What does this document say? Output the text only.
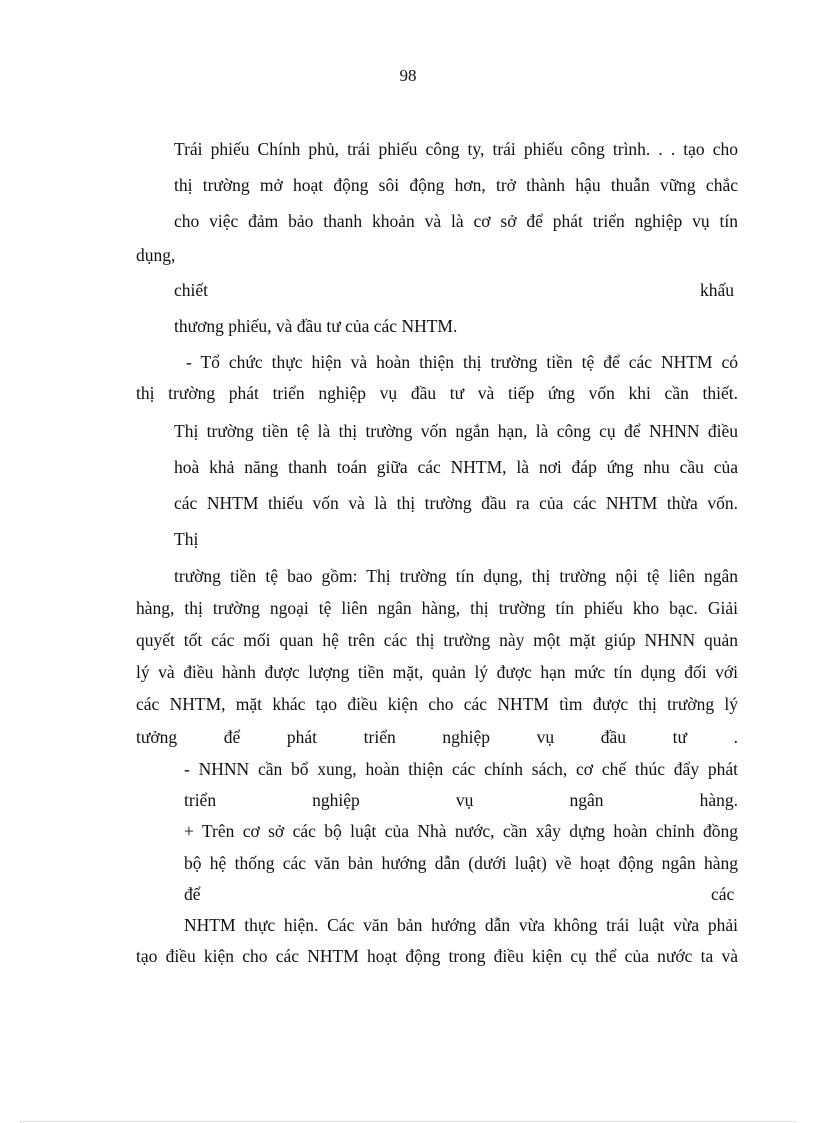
98
Trái phiếu Chính phủ, trái phiếu công ty, trái phiếu công trình. . . tạo cho
thị trường mở hoạt động sôi động hơn, trở thành hậu thuẫn vững chắc
cho việc đảm bảo thanh khoản và là cơ sở để phát triển nghiệp vụ tín
dụng,
chiết	khấu
thương phiếu, và đầu tư của các NHTM.
- Tổ chức thực hiện và hoàn thiện thị trường tiền tệ để các NHTM có
thị trường phát triển nghiệp vụ đầu tư và tiếp ứng vốn khi cần thiết.
Thị trường tiền tệ là thị trường vốn ngắn hạn, là công cụ để NHNN điều
hoà khả năng thanh toán giữa các NHTM, là nơi đáp ứng nhu cầu của
các NHTM thiếu vốn và là thị trường đầu ra của các NHTM thừa vốn.
Thị
trường tiền tệ bao gồm: Thị trường tín dụng, thị trường nội tệ liên ngân
hàng, thị trường ngoại tệ liên ngân hàng, thị trường tín phiếu kho bạc. Giải
quyết tốt các mối quan hệ trên các thị trường này một mặt giúp NHNN quản
lý và điều hành được lượng tiền mặt, quản lý được hạn mức tín dụng đối với
các NHTM, mặt khác tạo điều kiện cho các NHTM tìm được thị trường lý
tưởng để phát triển nghiệp vụ đầu tư .
- NHNN cần bổ xung, hoàn thiện các chính sách, cơ chế thúc đẩy phát
triển nghiệp vụ ngân hàng.
+ Trên cơ sở các bộ luật của Nhà nước, cần xây dựng hoàn chỉnh đồng
bộ hệ thống các văn bản hướng dẫn (dưới luật) về hoạt động ngân hàng
để	các
NHTM thực hiện. Các văn bản hướng dẫn vừa không trái luật vừa phải
tạo điều kiện cho các NHTM hoạt động trong điều kiện cụ thể của nước ta và
